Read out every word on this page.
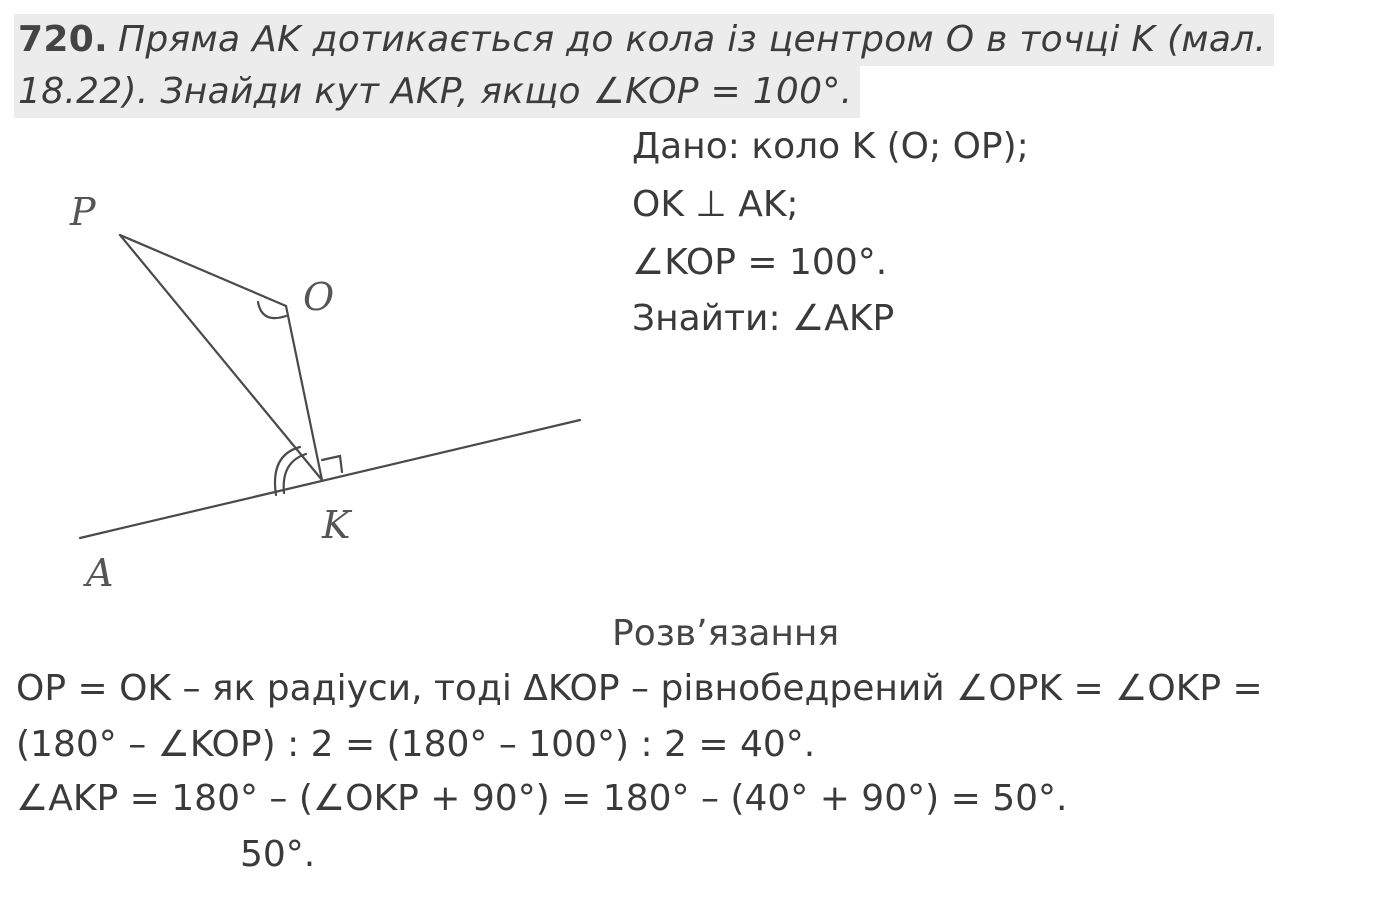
720. Пряма AK дотикається до кола із центром O в точці K (мал.
18.22). Знайди кут AKP, якщо ∠KOP = 100°.
Дано: коло K (O; OP);
OK ⊥ AK;
∠KOP = 100°.
Знайти: ∠AKP
P
O
K
A
Розв’язання
OP = OK – як радіуси, тоді ΔKOP – рівнобедрений ∠OPK = ∠OKP =
(180° – ∠KOP) : 2 = (180° – 100°) : 2 = 40°.
∠AKP = 180° – (∠OKP + 90°) = 180° – (40° + 90°) = 50°.
50°.
